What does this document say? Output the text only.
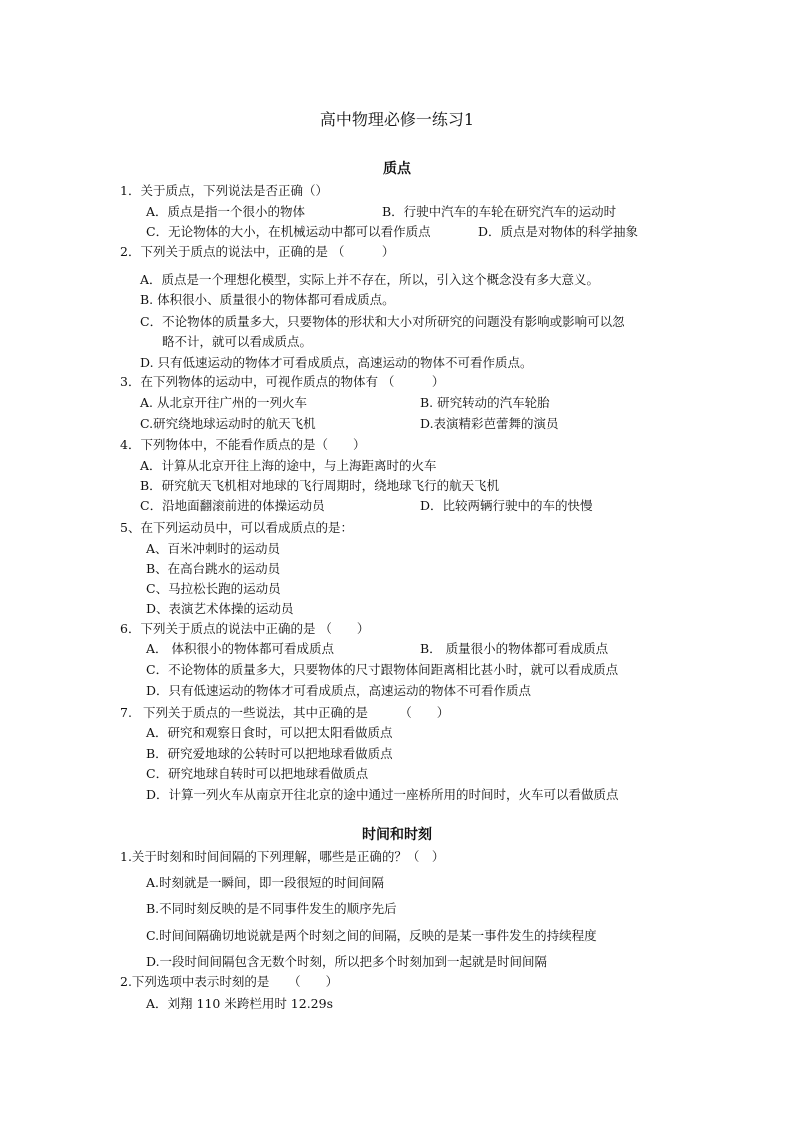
高中物理必修一练习1
质点
1．关于质点，下列说法是否正确（）
A．质点是指一个很小的物体	B．行驶中汽车的车轮在研究汽车的运动时
C．无论物体的大小，在机械运动中都可以看作质点	D．质点是对物体的科学抽象
2．下列关于质点的说法中，正确的是 （　　　）
A．质点是一个理想化模型，实际上并不存在，所以，引入这个概念没有多大意义。
B. 体积很小、质量很小的物体都可看成质点。
C．不论物体的质量多大，只要物体的形状和大小对所研究的问题没有影响或影响可以忽
略不计，就可以看成质点。
D. 只有低速运动的物体才可看成质点，高速运动的物体不可看作质点。
3．在下列物体的运动中，可视作质点的物体有 （　　　）
A. 从北京开往广州的一列火车	B. 研究转动的汽车轮胎
C.研究绕地球运动时的航天飞机	D.表演精彩芭蕾舞的演员
4．下列物体中，不能看作质点的是（　　）
A．计算从北京开往上海的途中，与上海距离时的火车
B．研究航天飞机相对地球的飞行周期时，绕地球飞行的航天飞机
C．沿地面翻滚前进的体操运动员	D．比较两辆行驶中的车的快慢
5、在下列运动员中，可以看成质点的是：
A、百米冲刺时的运动员
B、在高台跳水的运动员
C、马拉松长跑的运动员
D、表演艺术体操的运动员
6．下列关于质点的说法中正确的是 （　　）
A． 体积很小的物体都可看成质点	B． 质量很小的物体都可看成质点
C．不论物体的质量多大，只要物体的尺寸跟物体间距离相比甚小时，就可以看成质点
D．只有低速运动的物体才可看成质点，高速运动的物体不可看作质点
7. 下列关于质点的一些说法，其中正确的是　　　（　　）
A．研究和观察日食时，可以把太阳看做质点
B．研究爱地球的公转时可以把地球看做质点
C．研究地球自转时可以把地球看做质点
D．计算一列火车从南京开往北京的途中通过一座桥所用的时间时，火车可以看做质点
时间和时刻
1.关于时刻和时间间隔的下列理解，哪些是正确的？（　）
A.时刻就是一瞬间，即一段很短的时间间隔
B.不同时刻反映的是不同事件发生的顺序先后
C.时间间隔确切地说就是两个时刻之间的间隔，反映的是某一事件发生的持续程度
D.一段时间间隔包含无数个时刻，所以把多个时刻加到一起就是时间间隔
2.下列选项中表示时刻的是　　（　　）
A．刘翔 110 米跨栏用时 12.29s
